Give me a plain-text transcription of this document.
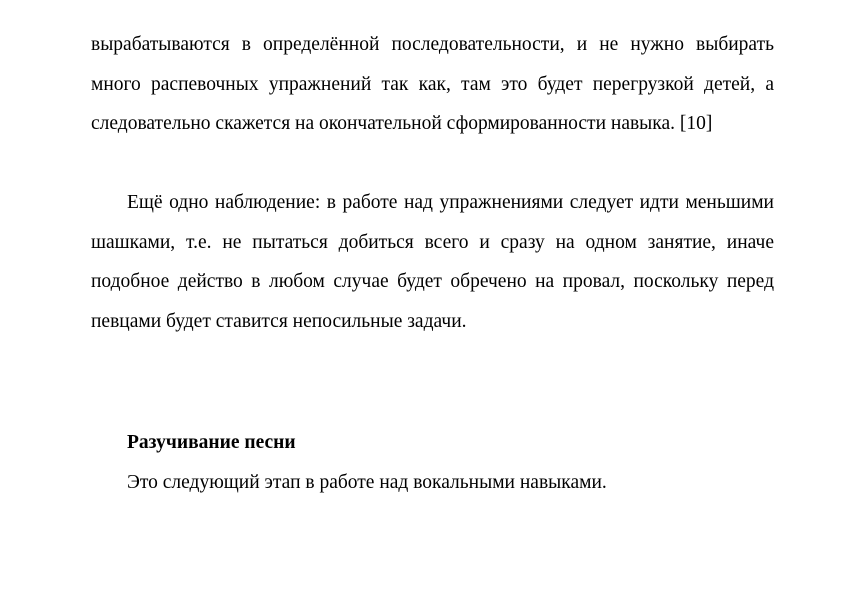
вырабатываются в определённой последовательности, и не нужно выбирать много распевочных упражнений так как, там это будет перегрузкой детей, а следовательно скажется на окончательной сформированности навыка. [10]

Ещё одно наблюдение: в работе над упражнениями следует идти меньшими шашками, т.е. не пытаться добиться всего и сразу на одном занятие, иначе подобное действо в любом случае будет обречено на провал, поскольку перед певцами будет ставится непосильные задачи.

Разучивание песни

Это следующий этап в работе над вокальными навыками.
